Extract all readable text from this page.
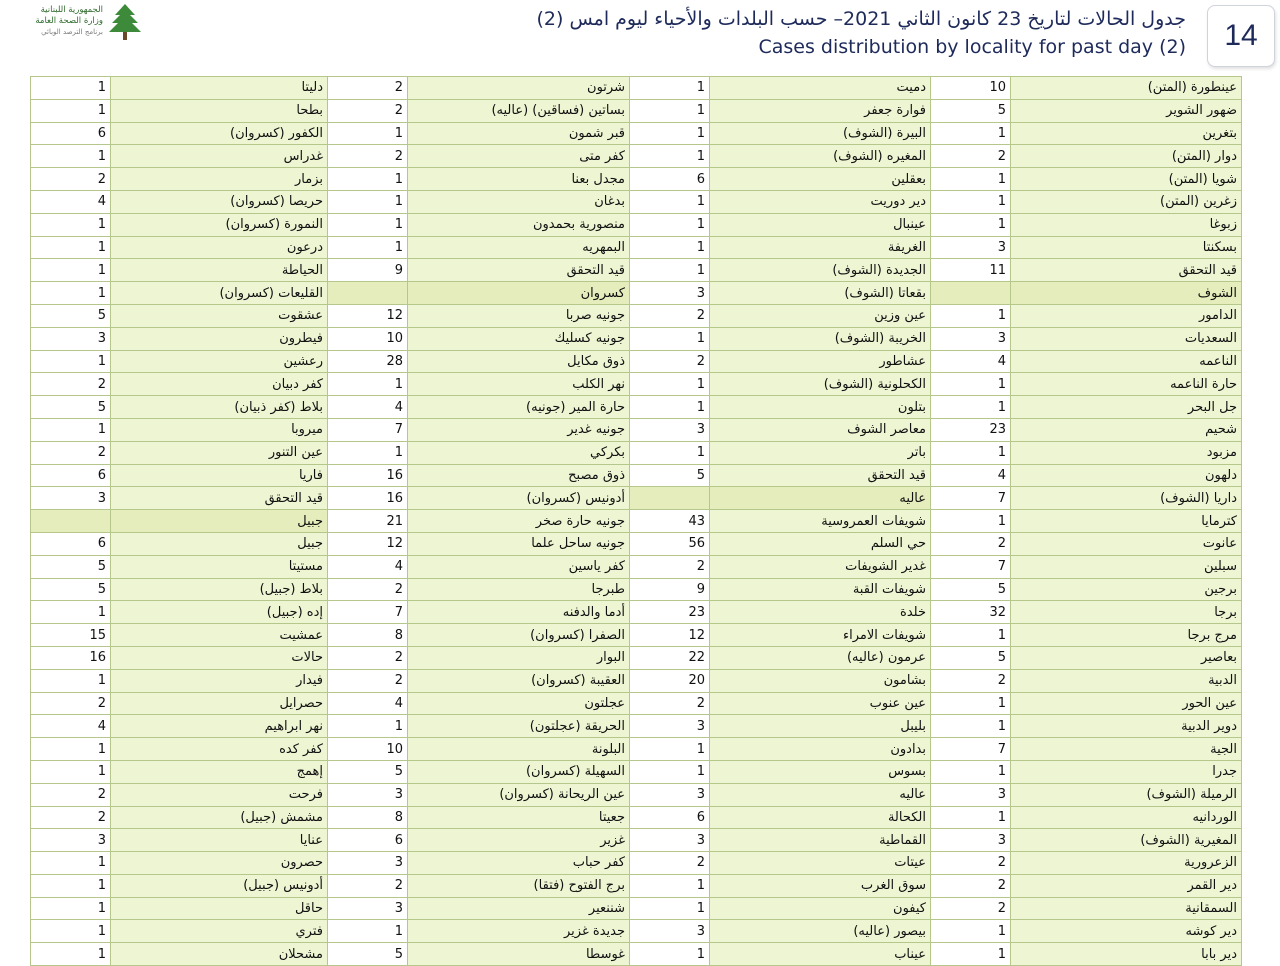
الجمهورية اللبنانية
وزارة الصحة العامة
برنامج الترصد الوبائي
جدول الحالات لتاريخ 23 كانون الثاني 2021– حسب البلدات والأحياء ليوم امس (2)
Cases distribution by locality for past day (2)	14
1	دليتا	2	شرتون	1	دميت	10	عينطورة (المتن)
1	بطحا	2	بساتين (فساقين) (عاليه)	1	فوارة جعفر	5	ضهور الشوير
6	الكفور (كسروان)	1	قبر شمون	1	البيرة (الشوف)	1	بتغرين
1	غدراس	2	كفر متى	1	المغيره (الشوف)	2	دوار (المتن)
2	بزمار	1	مجدل بعنا	6	بعقلين	1	شويا (المتن)
4	حريصا (كسروان)	1	بدغان	1	دير دوريت	1	زغرين (المتن)
1	النمورة (كسروان)	1	منصورية بحمدون	1	عينبال	1	زبوغا
1	درعون	1	البمهريه	1	الغريفة	3	بسكنتا
1	الحياطة	9	قيد التحقق	1	الجديدة (الشوف)	11	قيد التحقق
1	القليعات (كسروان)		كسروان	3	بقعاتا (الشوف)		الشوف
5	عشقوت	12	جونيه صربا	2	عين وزين	1	الدامور
3	فيطرون	10	جونيه كسليك	1	الخريبة (الشوف)	3	السعديات
1	رعشين	28	ذوق مكايل	2	عشاطور	4	الناعمه
2	كفر دبيان	1	نهر الكلب	1	الكحلونية (الشوف)	1	حارة الناعمه
5	بلاط (كفر ذبيان)	4	حارة المير (جونيه)	1	بتلون	1	جل البحر
1	ميروبا	7	جونيه غدير	3	معاصر الشوف	23	شحيم
2	عين التنور	1	بكركي	1	باتر	1	مزبود
6	فاريا	16	ذوق مصبح	5	قيد التحقق	4	دلهون
3	قيد التحقق	16	أدونيس (كسروان)		عاليه	7	داريا (الشوف)
	جبيل	21	جونيه حارة صخر	43	شويفات العمروسية	1	كترمايا
6	جبيل	12	جونيه ساحل علما	56	حي السلم	2	عانوت
5	مستيتا	4	كفر ياسين	2	غدير الشويفات	7	سبلين
5	بلاط (جبيل)	2	طبرجا	9	شويفات القبة	5	برجين
1	إده (جبيل)	7	أدما والدفنه	23	خلدة	32	برجا
15	عمشيت	8	الصفرا (كسروان)	12	شويفات الامراء	1	مرج برجا
16	حالات	2	البوار	22	عرمون (عاليه)	5	بعاصير
1	فيدار	2	العقيبة (كسروان)	20	بشامون	2	الدبية
2	حصرايل	4	عجلتون	2	عين عنوب	1	عين الحور
4	نهر ابراهيم	1	الحريقة (عجلتون)	3	بليبل	1	دوير الدبية
1	كفر كده	10	البلونة	1	بدادون	7	الجية
1	إهمج	5	السهيلة (كسروان)	1	بسوس	1	جدرا
2	فرحت	3	عين الريحانة (كسروان)	3	عاليه	3	الرميلة (الشوف)
2	مشمش (جبيل)	8	جعيتا	6	الكحالة	1	الوردانيه
3	عنايا	6	غزير	3	القماطية	3	المغيرية (الشوف)
1	حصرون	3	كفر حباب	2	عيتات	2	الزعرورية
1	أدونيس (جبيل)	2	برج الفتوح (فتقا)	1	سوق الغرب	2	دير القمر
1	حاقل	3	شننعير	1	كيفون	2	السمقانية
1	فتري	1	جديدة غزير	3	بيصور (عاليه)	1	دير كوشه
1	مشحلان	5	غوسطا	1	عيناب	1	دير بابا
